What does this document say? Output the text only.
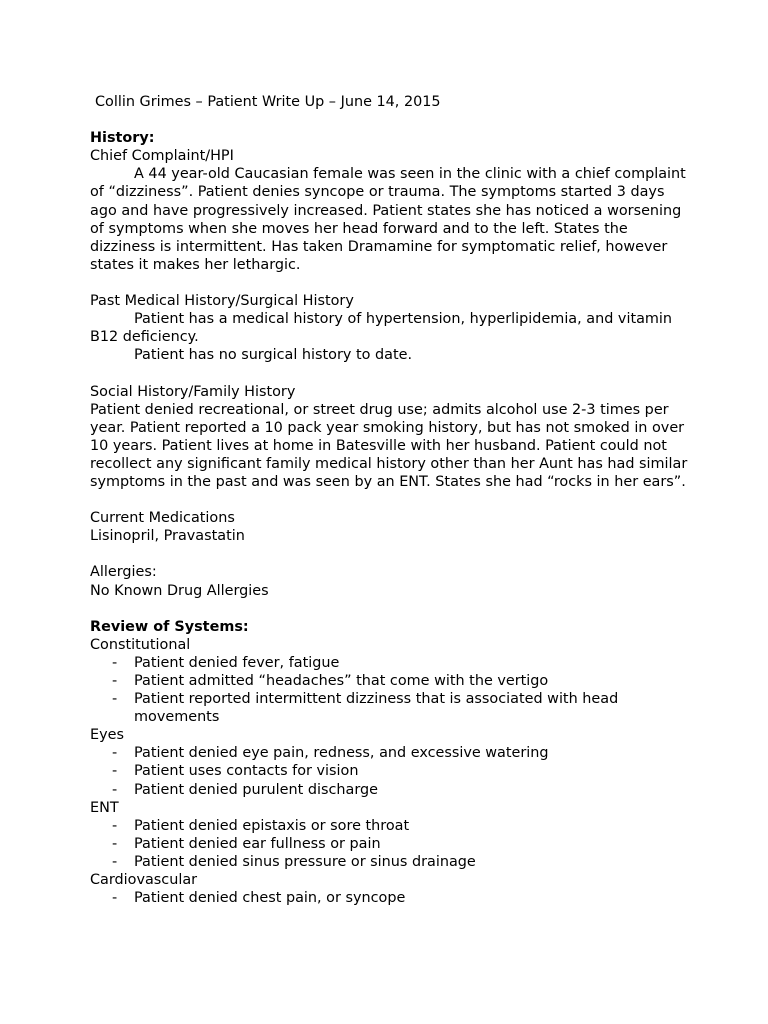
Collin Grimes – Patient Write Up – June 14, 2015
History:
Chief Complaint/HPI

A 44 year-old Caucasian female was seen in the clinic with a chief complaint of “dizziness”. Patient denies syncope or trauma. The symptoms started 3 days ago and have progressively increased. Patient states she has noticed a worsening of symptoms when she moves her head forward and to the left. States the dizziness is intermittent. Has taken Dramamine for symptomatic relief, however states it makes her lethargic.

Past Medical History/Surgical History

Patient has a medical history of hypertension, hyperlipidemia, and vitamin B12 deficiency.

Patient has no surgical history to date.

Social History/Family History

Patient denied recreational, or street drug use; admits alcohol use 2-3 times per year. Patient reported a 10 pack year smoking history, but has not smoked in over 10 years. Patient lives at home in Batesville with her husband. Patient could not recollect any significant family medical history other than her Aunt has had similar symptoms in the past and was seen by an ENT. States she had “rocks in her ears”.

Current Medications
Lisinopril, Pravastatin
Allergies:
No Known Drug Allergies
Review of Systems:
Constitutional
- Patient denied fever, fatigue
- Patient admitted “headaches” that come with the vertigo
- Patient reported intermittent dizziness that is associated with head movements
Eyes
- Patient denied eye pain, redness, and excessive watering
- Patient uses contacts for vision
- Patient denied purulent discharge
ENT
- Patient denied epistaxis or sore throat
- Patient denied ear fullness or pain
- Patient denied sinus pressure or sinus drainage
Cardiovascular
- Patient denied chest pain, or syncope
